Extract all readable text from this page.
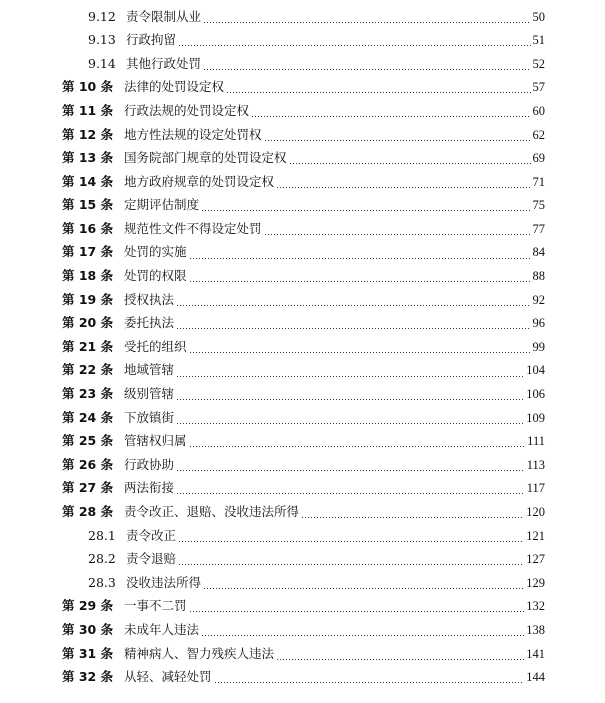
9.12 责令限制从业	50
9.13 行政拘留	51
9.14 其他行政处罚	52
第 10 条 法律的处罚设定权	57
第 11 条 行政法规的处罚设定权	60
第 12 条 地方性法规的设定处罚权	62
第 13 条 国务院部门规章的处罚设定权	69
第 14 条 地方政府规章的处罚设定权	71
第 15 条 定期评估制度	75
第 16 条 规范性文件不得设定处罚	77
第 17 条 处罚的实施	84
第 18 条 处罚的权限	88
第 19 条 授权执法	92
第 20 条 委托执法	96
第 21 条 受托的组织	99
第 22 条 地域管辖	104
第 23 条 级别管辖	106
第 24 条 下放镇街	109
第 25 条 管辖权归属	111
第 26 条 行政协助	113
第 27 条 两法衔接	117
第 28 条 责令改正、退赔、没收违法所得	120
28.1 责令改正	121
28.2 责令退赔	127
28.3 没收违法所得	129
第 29 条 一事不二罚	132
第 30 条 未成年人违法	138
第 31 条 精神病人、智力残疾人违法	141
第 32 条 从轻、减轻处罚	144
